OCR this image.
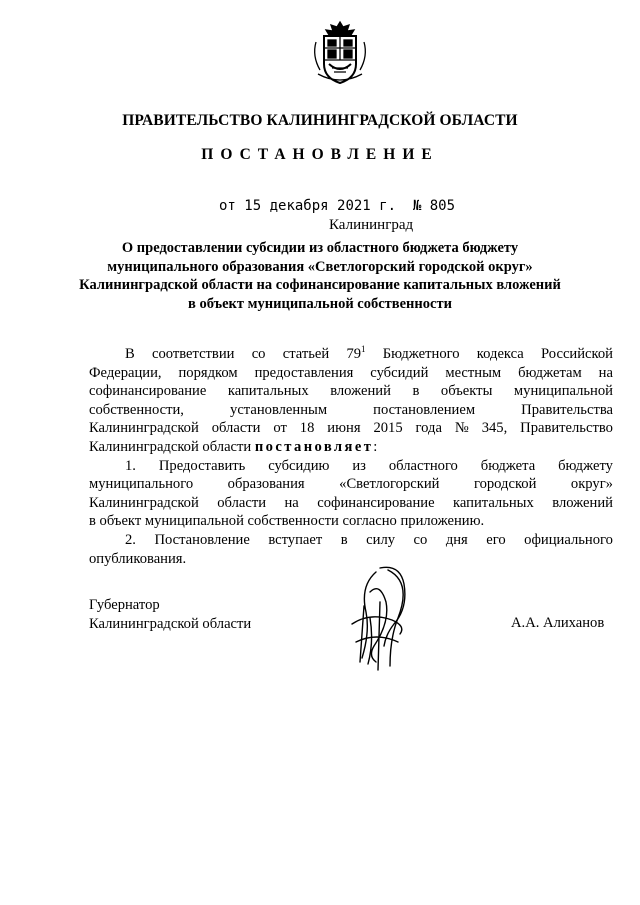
ПРАВИТЕЛЬСТВО КАЛИНИНГРАДСКОЙ ОБЛАСТИ
ПОСТАНОВЛЕНИЕ
от 15 декабря 2021 г. № 805
Калининград
О предоставлении субсидии из областного бюджета бюджету
муниципального образования «Светлогорский городской округ»
Калининградской области на софинансирование капитальных вложений
в объект муниципальной собственности
В соответствии со статьей $79^1$ Бюджетного кодекса Российской
Федерации, порядком предоставления субсидий местным бюджетам на
софинансирование капитальных вложений в объекты муниципальной
собственности,	установленным	постановлением	Правительства
Калининградской области от 18 июня 2015 года № 345, Правительство
Калининградской области постановляет:
1. Предоставить субсидию из областного бюджета бюджету
муниципального образования «Светлогорский городской округ»
Калининградской области на софинансирование капитальных вложений
в объект муниципальной собственности согласно приложению.
2. Постановление вступает в силу со дня его официального
опубликования.
Губернатор
Калининградской области	А.А. Алиханов
